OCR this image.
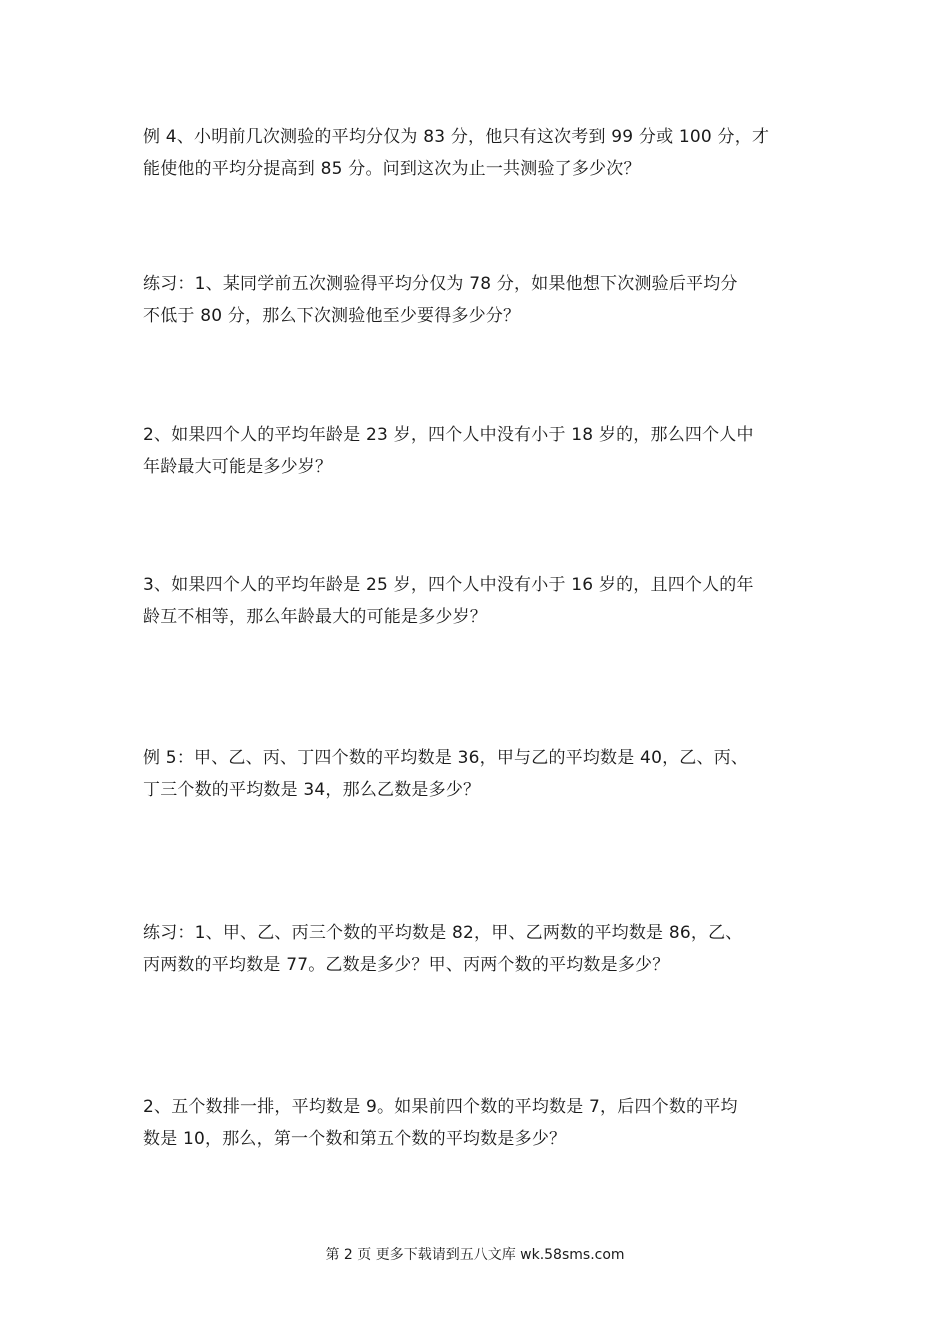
例 4、小明前几次测验的平均分仅为 83 分，他只有这次考到 99 分或 100 分，才
能使他的平均分提高到 85 分。问到这次为止一共测验了多少次？

练习：1、某同学前五次测验得平均分仅为 78 分，如果他想下次测验后平均分
不低于 80 分，那么下次测验他至少要得多少分？

2、如果四个人的平均年龄是 23 岁，四个人中没有小于 18 岁的，那么四个人中
年龄最大可能是多少岁？

3、如果四个人的平均年龄是 25 岁，四个人中没有小于 16 岁的，且四个人的年
龄互不相等，那么年龄最大的可能是多少岁？

例 5：甲、乙、丙、丁四个数的平均数是 36，甲与乙的平均数是 40，乙、丙、
丁三个数的平均数是 34，那么乙数是多少？

练习：1、甲、乙、丙三个数的平均数是 82，甲、乙两数的平均数是 86，乙、
丙两数的平均数是 77。乙数是多少？甲、丙两个数的平均数是多少？

2、五个数排一排，平均数是 9。如果前四个数的平均数是 7，后四个数的平均
数是 10，那么，第一个数和第五个数的平均数是多少？

第 2 页 更多下载请到五八文库 wk.58sms.com
